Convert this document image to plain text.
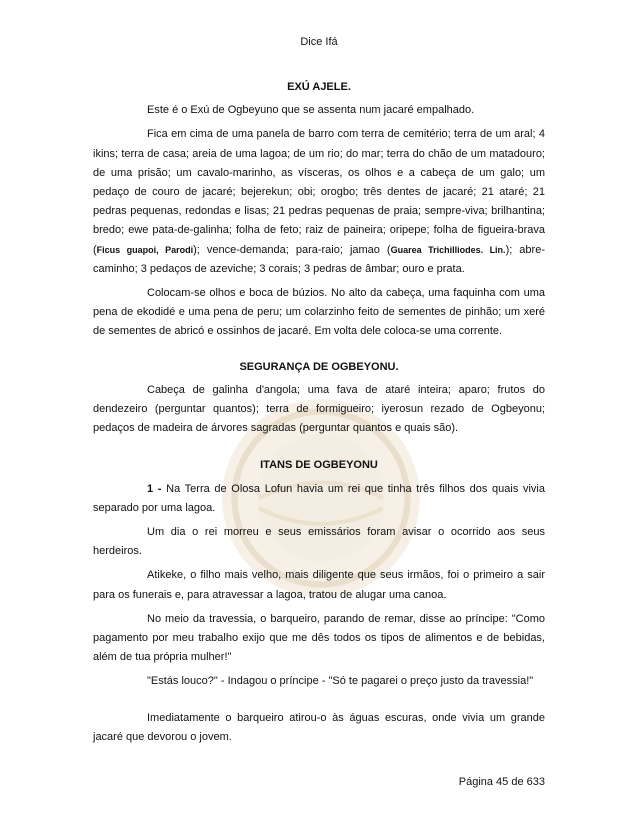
Dice Ifá
EXÚ AJELE.

Este é o Exú de Ogbeyuno que se assenta num jacaré empalhado.

Fica em cima de uma panela de barro com terra de cemitério; terra de um aral; 4 ikins; terra de casa; areia de uma lagoa; de um rio; do mar; terra do chão de um matadouro; de uma prisão; um cavalo-marinho, as vísceras, os olhos e a cabeça de um galo; um pedaço de couro de jacaré; bejerekun; obi; orogbo; três dentes de jacaré; 21 ataré; 21 pedras pequenas, redondas e lisas; 21 pedras pequenas de praia; sempre-viva; brilhantina; bredo; ewe pata-de-galinha; folha de feto; raiz de paineira; oripepe; folha de figueira-brava (Ficus guapoi, Parodi); vence-demanda; para-raio; jamao (Guarea Trichilliodes. Lin.); abre-caminho; 3 pedaços de azeviche; 3 corais; 3 pedras de âmbar; ouro e prata.

Colocam-se olhos e boca de búzios. No alto da cabeça, uma faquinha com uma pena de ekodidé e uma pena de peru; um colarzinho feito de sementes de pinhão; um xeré de sementes de abricó e ossinhos de jacaré. Em volta dele coloca-se uma corrente.

SEGURANÇA DE OGBEYONU.

Cabeça de galinha d'angola; uma fava de ataré inteira; aparo; frutos do dendezeiro (perguntar quantos); terra de formigueiro; iyerosun rezado de Ogbeyonu; pedaços de madeira de árvores sagradas (perguntar quantos e quais são).

ITANS DE OGBEYONU

1 - Na Terra de Olosa Lofun havia um rei que tinha três filhos dos quais vivia separado por uma lagoa.

Um dia o rei morreu e seus emissários foram avisar o ocorrido aos seus herdeiros.

Atikeke, o filho mais velho, mais diligente que seus irmãos, foi o primeiro a sair para os funerais e, para atravessar a lagoa, tratou de alugar uma canoa.

No meio da travessia, o barqueiro, parando de remar, disse ao príncipe: "Como pagamento por meu trabalho exijo que me dês todos os tipos de alimentos e de bebidas, além de tua própria mulher!"

"Estás louco?" - Indagou o príncipe - "Só te pagarei o preço justo da travessia!"

Imediatamente o barqueiro atirou-o às águas escuras, onde vivia um grande jacaré que devorou o jovem.

Página 45 de 633
